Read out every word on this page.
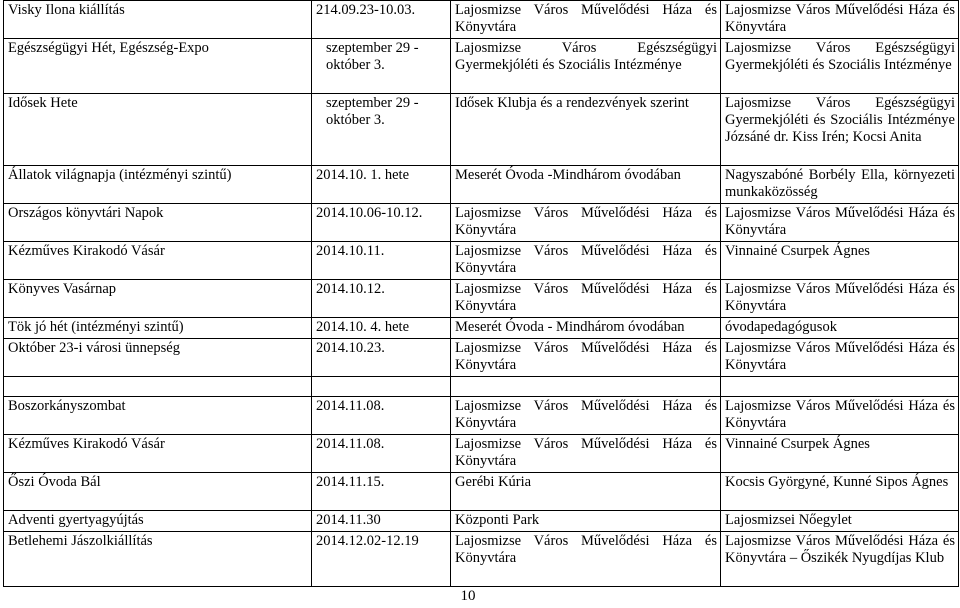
Visky Ilona kiállítás	214.09.23-10.03.	Lajosmizse Város Művelődési Háza és Könyvtára	Lajosmizse Város Művelődési Háza és Könyvtára
Egészségügyi Hét, Egészség-Expo	szeptember 29 -október 3.	Lajosmizse Város Egészségügyi Gyermekjóléti és Szociális Intézménye	Lajosmizse Város Egészségügyi Gyermekjóléti és Szociális Intézménye
Idősek Hete	szeptember 29 -október 3.	Idősek Klubja és a rendezvények szerint	Lajosmizse Város Egészségügyi Gyermekjóléti és Szociális Intézménye Józsáné dr. Kiss Irén; Kocsi Anita
Állatok világnapja (intézményi szintű)	2014.10. 1. hete	Meserét Óvoda -Mindhárom óvodában	Nagyszabóné Borbély Ella, környezeti munkaközösség
Országos könyvtári Napok	2014.10.06-10.12.	Lajosmizse Város Művelődési Háza és Könyvtára	Lajosmizse Város Művelődési Háza és Könyvtára
Kézműves Kirakodó Vásár	2014.10.11.	Lajosmizse Város Művelődési Háza és Könyvtára	Vinnainé Csurpek Ágnes
Könyves Vasárnap	2014.10.12.	Lajosmizse Város Művelődési Háza és Könyvtára	Lajosmizse Város Művelődési Háza és Könyvtára
Tök jó hét (intézményi szintű)	2014.10. 4. hete	Meserét Óvoda - Mindhárom óvodában	óvodapedagógusok
Október 23-i városi ünnepség	2014.10.23.	Lajosmizse Város Művelődési Háza és Könyvtára	Lajosmizse Város Művelődési Háza és Könyvtára

Boszorkányszombat	2014.11.08.	Lajosmizse Város Művelődési Háza és Könyvtára	Lajosmizse Város Művelődési Háza és Könyvtára
Kézműves Kirakodó Vásár	2014.11.08.	Lajosmizse Város Művelődési Háza és Könyvtára	Vinnainé Csurpek Ágnes
Őszi Óvoda Bál	2014.11.15.	Gerébi Kúria	Kocsis Györgyné, Kunné Sipos Ágnes
Adventi gyertyagyújtás	2014.11.30	Központi Park	Lajosmizsei Nőegylet
Betlehemi Jászolkiállítás	2014.12.02-12.19	Lajosmizse Város Művelődési Háza és Könyvtára	Lajosmizse Város Művelődési Háza és Könyvtára – Őszikék Nyugdíjas Klub
10
